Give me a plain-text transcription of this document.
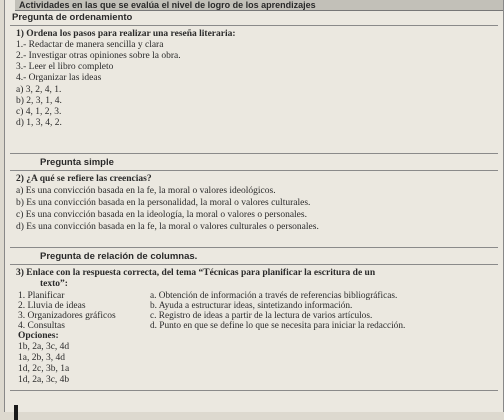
Actividades en las que se evalúa el nivel de logro de los aprendizajes
Pregunta de ordenamiento
1) Ordena los pasos para realizar una reseña literaria:
1.- Redactar de manera sencilla y clara
2.- Investigar otras opiniones sobre la obra.
3.- Leer el libro completo
4.- Organizar las ideas
a) 3, 2, 4, 1.
b) 2, 3, 1, 4.
c) 4, 1, 2, 3.
d) 1, 3, 4, 2.
Pregunta simple
2) ¿A qué se refiere las creencias?
a) Es una convicción basada en la fe, la moral o valores ideológicos.
b) Es una convicción basada en la personalidad, la moral o valores culturales.
c) Es una convicción basada en la ideología, la moral o valores o personales.
d) Es una convicción basada en la fe, la moral o valores culturales o personales.
Pregunta de relación de columnas.
3) Enlace con la respuesta correcta, del tema “Técnicas para planificar la escritura de un
texto”:
1. Planificar
2. Lluvia de ideas
3. Organizadores gráficos
4. Consultas
a. Obtención de información a través de referencias bibliográficas.
b. Ayuda a estructurar ideas, sintetizando información.
c. Registro de ideas a partir de la lectura de varios artículos.
d. Punto en que se define lo que se necesita para iniciar la redacción.
Opciones:
1b, 2a, 3c, 4d
1a, 2b, 3, 4d
1d, 2c, 3b, 1a
1d, 2a, 3c, 4b
